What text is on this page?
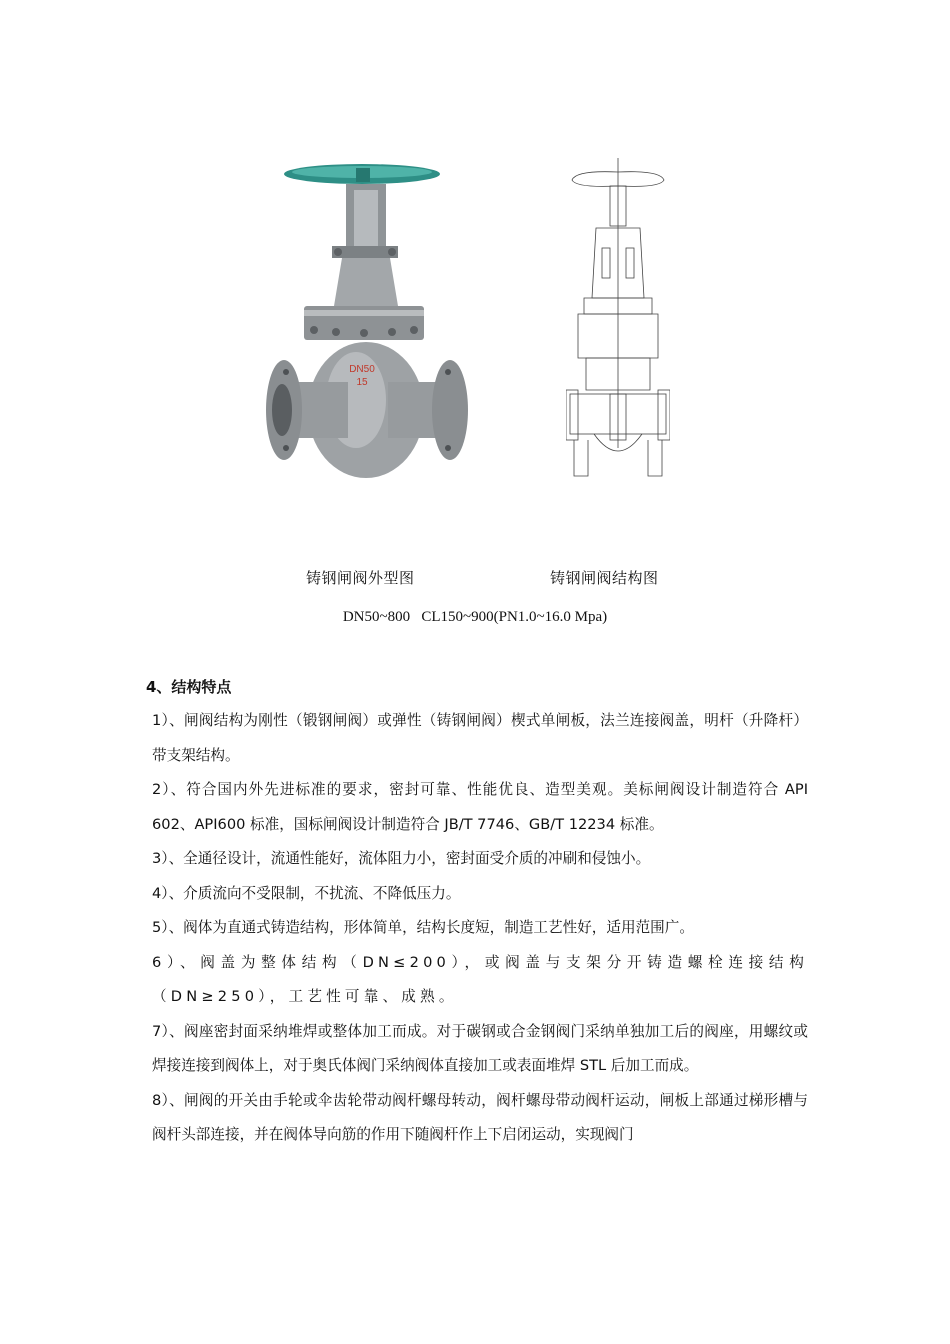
DN50
15
铸钢闸阀外型图	铸钢闸阀结构图
DN50~800   CL150~900(PN1.0~16.0 Mpa)
4、结构特点

1）、闸阀结构为刚性（锻钢闸阀）或弹性（铸钢闸阀）楔式单闸板，法兰连接阀盖，明杆（升降杆）带支架结构。

2）、符合国内外先进标准的要求，密封可靠、性能优良、造型美观。美标闸阀设计制造符合 API 602、API600 标准，国标闸阀设计制造符合 JB/T 7746、GB/T 12234 标准。

3）、全通径设计，流通性能好，流体阻力小，密封面受介质的冲刷和侵蚀小。

4）、介质流向不受限制，不扰流、不降低压力。

5）、阀体为直通式铸造结构，形体简单，结构长度短，制造工艺性好，适用范围广。

6）、阀盖为整体结构（DN≤200），或阀盖与支架分开铸造螺栓连接结构（DN≥250），工艺性可靠、成熟。

7）、阀座密封面采纳堆焊或整体加工而成。对于碳钢或合金钢阀门采纳单独加工后的阀座，用螺纹或焊接连接到阀体上，对于奥氏体阀门采纳阀体直接加工或表面堆焊 STL 后加工而成。

8）、闸阀的开关由手轮或伞齿轮带动阀杆螺母转动，阀杆螺母带动阀杆运动，闸板上部通过梯形槽与阀杆头部连接，并在阀体导向筋的作用下随阀杆作上下启闭运动，实现阀门
